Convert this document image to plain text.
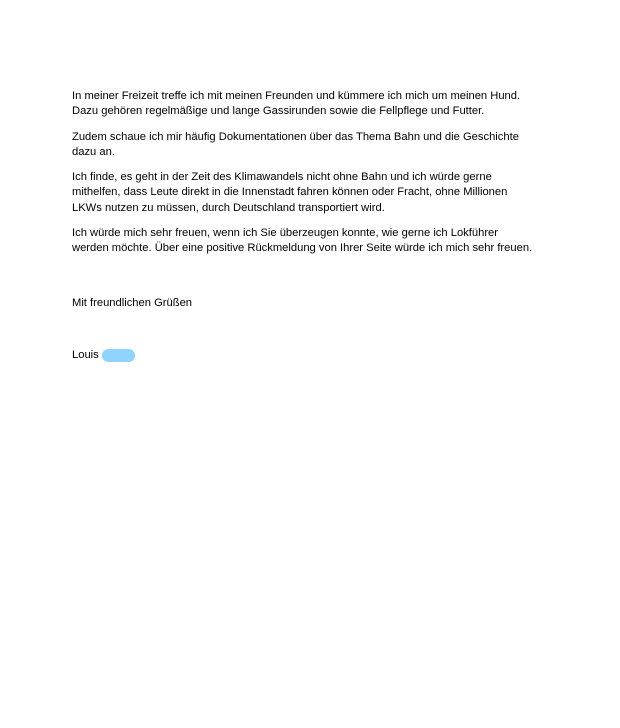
In meiner Freizeit treffe ich mit meinen Freunden und kümmere ich mich um meinen Hund.
Dazu gehören regelmäßige und lange Gassirunden sowie die Fellpflege und Futter.

Zudem schaue ich mir häufig Dokumentationen über das Thema Bahn und die Geschichte
dazu an.

Ich finde, es geht in der Zeit des Klimawandels nicht ohne Bahn und ich würde gerne
mithelfen, dass Leute direkt in die Innenstadt fahren können oder Fracht, ohne Millionen
LKWs nutzen zu müssen, durch Deutschland transportiert wird.

Ich würde mich sehr freuen, wenn ich Sie überzeugen konnte, wie gerne ich Lokführer
werden möchte. Über eine positive Rückmeldung von Ihrer Seite würde ich mich sehr freuen.

Mit freundlichen Grüßen
Louis
